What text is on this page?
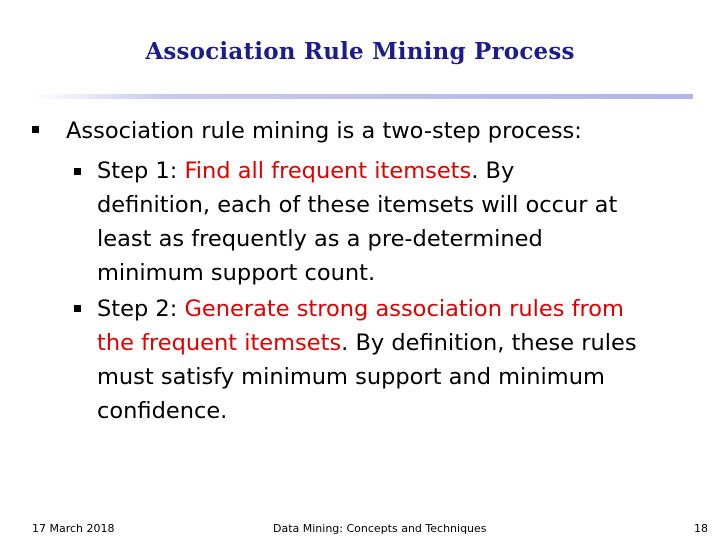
Association Rule Mining Process
Association rule mining is a two-step process:
Step 1: Find all frequent itemsets. By
definition, each of these itemsets will occur at
least as frequently as a pre-determined
minimum support count.
Step 2: Generate strong association rules from
the frequent itemsets. By definition, these rules
must satisfy minimum support and minimum
confidence.
17 March 2018	Data Mining: Concepts and Techniques	18
